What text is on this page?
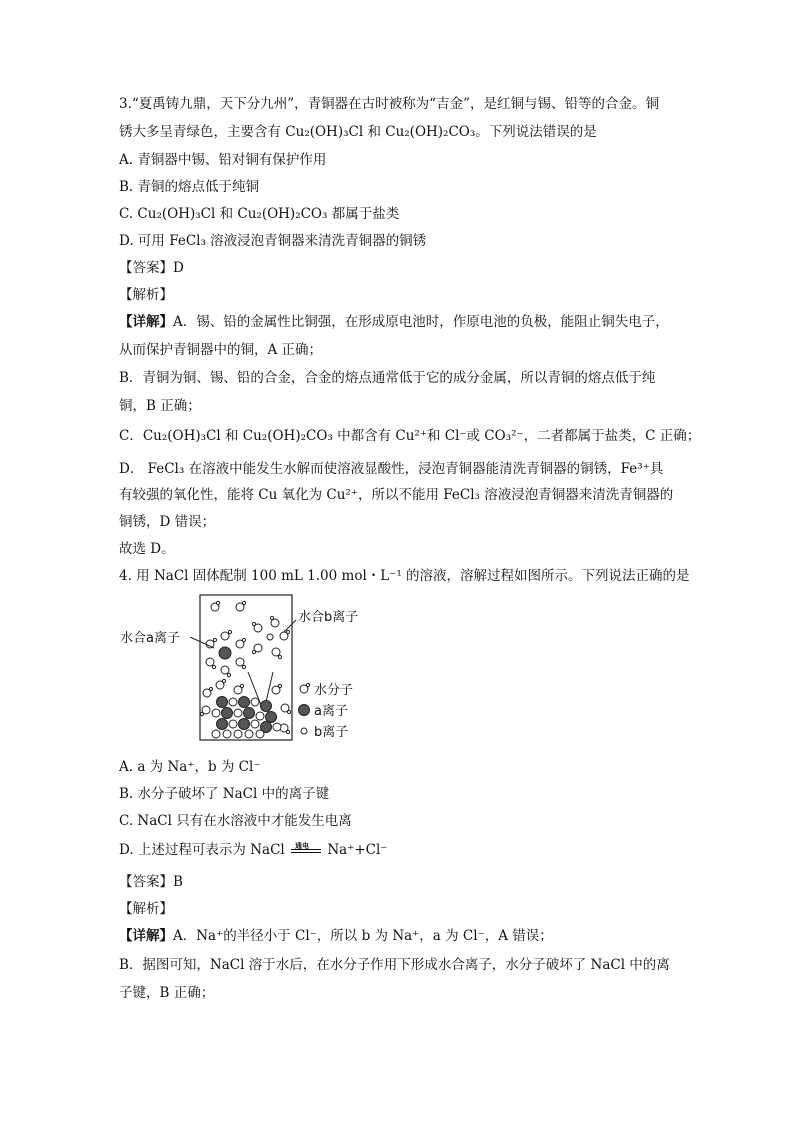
3.“夏禹铸九鼎，天下分九州”，青铜器在古时被称为“吉金”，是红铜与锡、铅等的合金。铜
锈大多呈青绿色，主要含有 Cu₂(OH)₃Cl 和 Cu₂(OH)₂CO₃。下列说法错误的是
A. 青铜器中锡、铅对铜有保护作用
B. 青铜的熔点低于纯铜
C. Cu₂(OH)₃Cl 和 Cu₂(OH)₂CO₃ 都属于盐类
D. 可用 FeCl₃ 溶液浸泡青铜器来清洗青铜器的铜锈
【答案】D
【解析】
【详解】A．锡、铅的金属性比铜强，在形成原电池时，作原电池的负极，能阻止铜失电子，
从而保护青铜器中的铜，A 正确；
B．青铜为铜、锡、铅的合金，合金的熔点通常低于它的成分金属，所以青铜的熔点低于纯
铜，B 正确；
C．Cu₂(OH)₃Cl 和 Cu₂(OH)₂CO₃ 中都含有 Cu²⁺和 Cl⁻或 CO₃²⁻，二者都属于盐类，C 正确；
D． FeCl₃ 在溶液中能发生水解而使溶液显酸性，浸泡青铜器能清洗青铜器的铜锈，Fe³⁺具
有较强的氧化性，能将 Cu 氧化为 Cu²⁺，所以不能用 FeCl₃ 溶液浸泡青铜器来清洗青铜器的
铜锈，D 错误；
故选 D。
4. 用 NaCl 固体配制 100 mL 1.00 mol・L⁻¹ 的溶液，溶解过程如图所示。下列说法正确的是
水合a离子
水合b离子
水分子
a离子
b离子
A. a 为 Na⁺，b 为 Cl⁻
B. 水分子破坏了 NaCl 中的离子键
C. NaCl 只有在水溶液中才能发生电离
D. 上述过程可表示为 NaCl 通电 Na⁺+Cl⁻
【答案】B
【解析】
【详解】A．Na⁺的半径小于 Cl⁻，所以 b 为 Na⁺，a 为 Cl⁻，A 错误；
B．据图可知，NaCl 溶于水后，在水分子作用下形成水合离子，水分子破坏了 NaCl 中的离
子键，B 正确；
